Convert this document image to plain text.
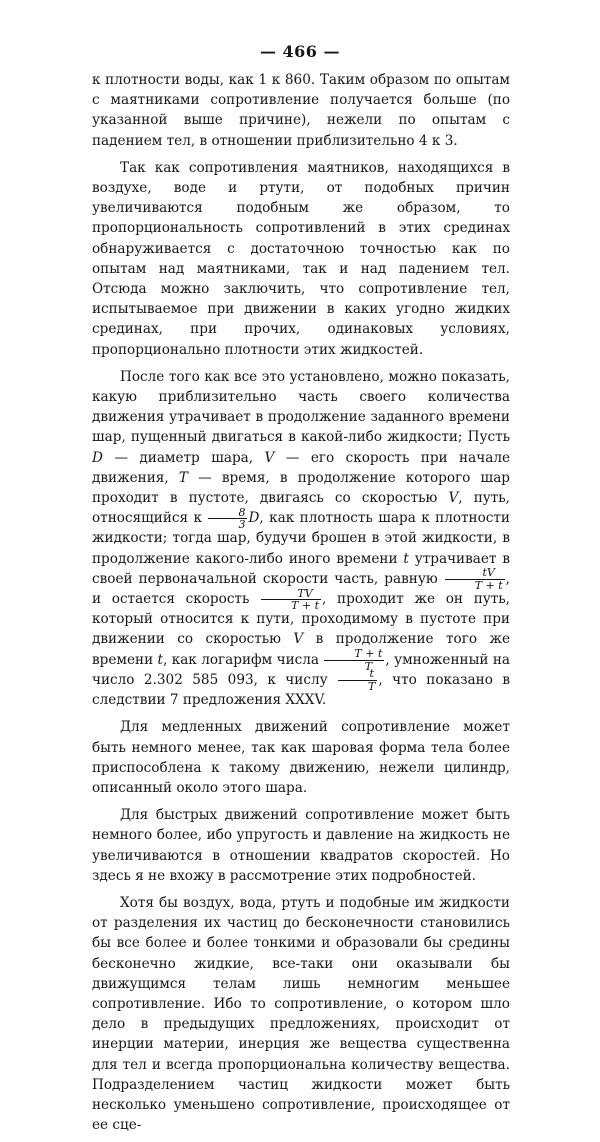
— 466 —

к плотности воды, как 1 к 860. Таким образом по опытам с маятниками сопротивление получается больше (по указанной выше причине), нежели по опытам с падением тел, в отношении приблизительно 4 к 3.

Так как сопротивления маятников, находящихся в воздухе, воде и ртути, от подобных причин увеличиваются подобным же образом, то пропорциональность сопротивлений в этих срединах обнаруживается с достаточною точностью как по опытам над маятниками, так и над падением тел. Отсюда можно заключить, что сопротивление тел, испытываемое при движении в каких угодно жидких срединах, при прочих, одинаковых условиях, пропорционально плотности этих жидкостей.

После того как все это установлено, можно показать, какую приблизительно часть своего количества движения утрачивает в продолжение заданного времени шар, пущенный двигаться в какой-либо жидкости; Пусть D — диаметр шара, V — его скорость при начале движения, T — время, в продолжение которого шар проходит в пустоте, двигаясь со скоростью V, путь, относящийся к $\frac{8}{3} D$, как плотность шара к плотности жидкости; тогда шар, будучи брошен в этой жидкости, в продолжение какого-либо иного времени t утрачивает в своей первоначальной скорости часть, равную $\frac{tV}{T + t}$ , и остается скорость $\frac{TV}{T + t}$ , проходит же он путь, который относится к пути, проходимому в пустоте при движении со скоростью V в продолжение того же времени t, как логарифм числа $\frac{T + t}{T}$ , умноженный на число 2.302 585 093, к числу $\frac{t}{T}$ , что показано в следствии 7 предложения XXXV.

Для медленных движений сопротивление может быть немного менее, так как шаровая форма тела более приспособлена к такому движению, нежели цилиндр, описанный около этого шара.

Для быстрых движений сопротивление может быть немного более, ибо упругость и давление на жидкость не увеличиваются в отношении квадратов скоростей. Но здесь я не вхожу в рассмотрение этих подробностей.

Хотя бы воздух, вода, ртуть и подобные им жидкости от разделения их частиц до бесконечности становились бы все более и более тонкими и образовали бы средины бесконечно жидкие, все-таки они оказывали бы движущимся телам лишь немногим меньшее сопротивление. Ибо то сопротивление, о котором шло дело в предыдущих предложениях, происходит от инерции материи, инерция же вещества существенна для тел и всегда пропорциональна количеству вещества. Подразделением частиц жидкости может быть несколько уменьшено сопротивление, происходящее от ее сце-
